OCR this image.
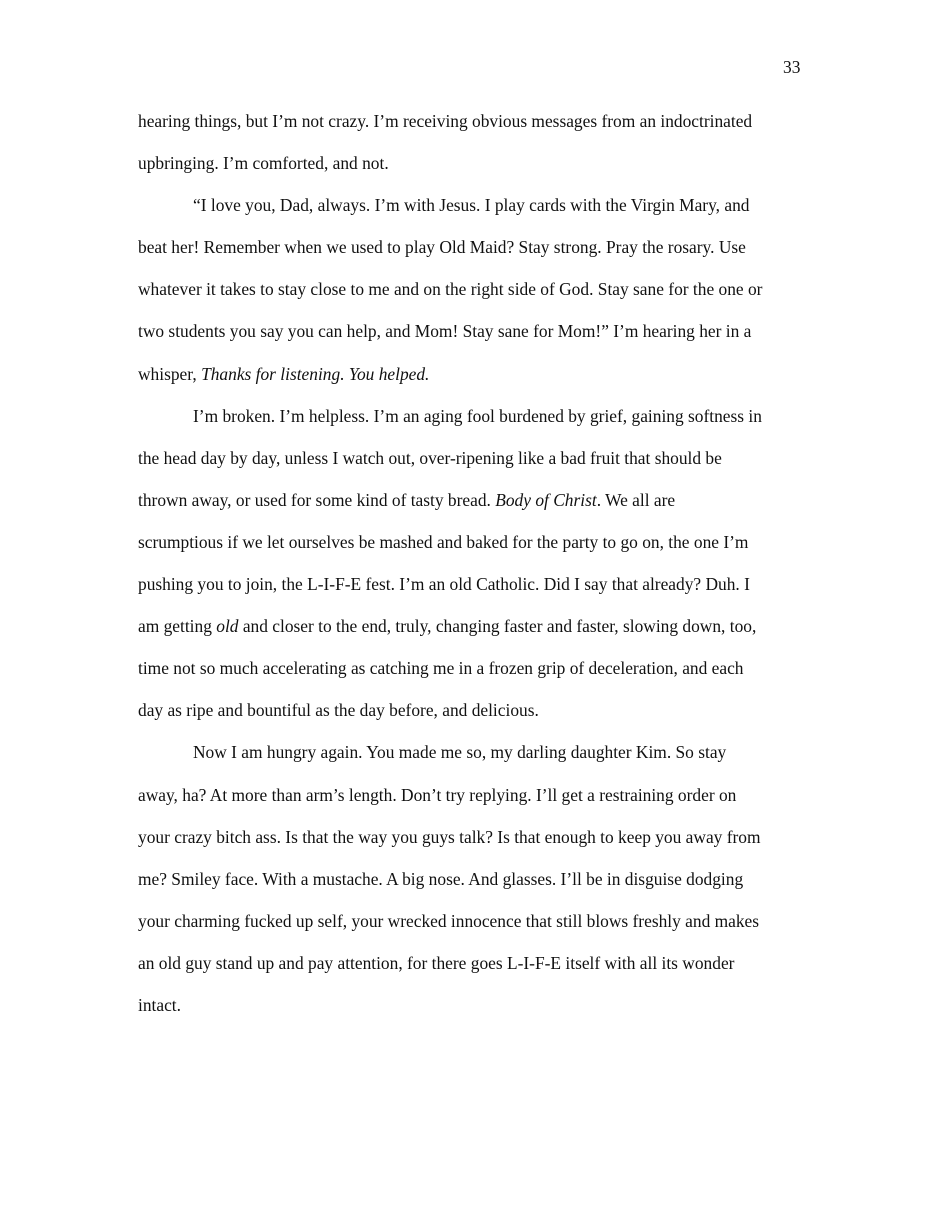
33
hearing things, but I’m not crazy. I’m receiving obvious messages from an indoctrinated
upbringing. I’m comforted, and not.
“I love you, Dad, always. I’m with Jesus. I play cards with the Virgin Mary, and
beat her! Remember when we used to play Old Maid? Stay strong. Pray the rosary. Use
whatever it takes to stay close to me and on the right side of God. Stay sane for the one or
two students you say you can help, and Mom! Stay sane for Mom!” I’m hearing her in a
whisper, Thanks for listening. You helped.
I’m broken. I’m helpless. I’m an aging fool burdened by grief, gaining softness in
the head day by day, unless I watch out, over-ripening like a bad fruit that should be
thrown away, or used for some kind of tasty bread. Body of Christ. We all are
scrumptious if we let ourselves be mashed and baked for the party to go on, the one I’m
pushing you to join, the L-I-F-E fest. I’m an old Catholic. Did I say that already? Duh. I
am getting old and closer to the end, truly, changing faster and faster, slowing down, too,
time not so much accelerating as catching me in a frozen grip of deceleration, and each
day as ripe and bountiful as the day before, and delicious.
Now I am hungry again. You made me so, my darling daughter Kim. So stay
away, ha? At more than arm’s length. Don’t try replying. I’ll get a restraining order on
your crazy bitch ass. Is that the way you guys talk? Is that enough to keep you away from
me? Smiley face. With a mustache. A big nose. And glasses. I’ll be in disguise dodging
your charming fucked up self, your wrecked innocence that still blows freshly and makes
an old guy stand up and pay attention, for there goes L-I-F-E itself with all its wonder
intact.
